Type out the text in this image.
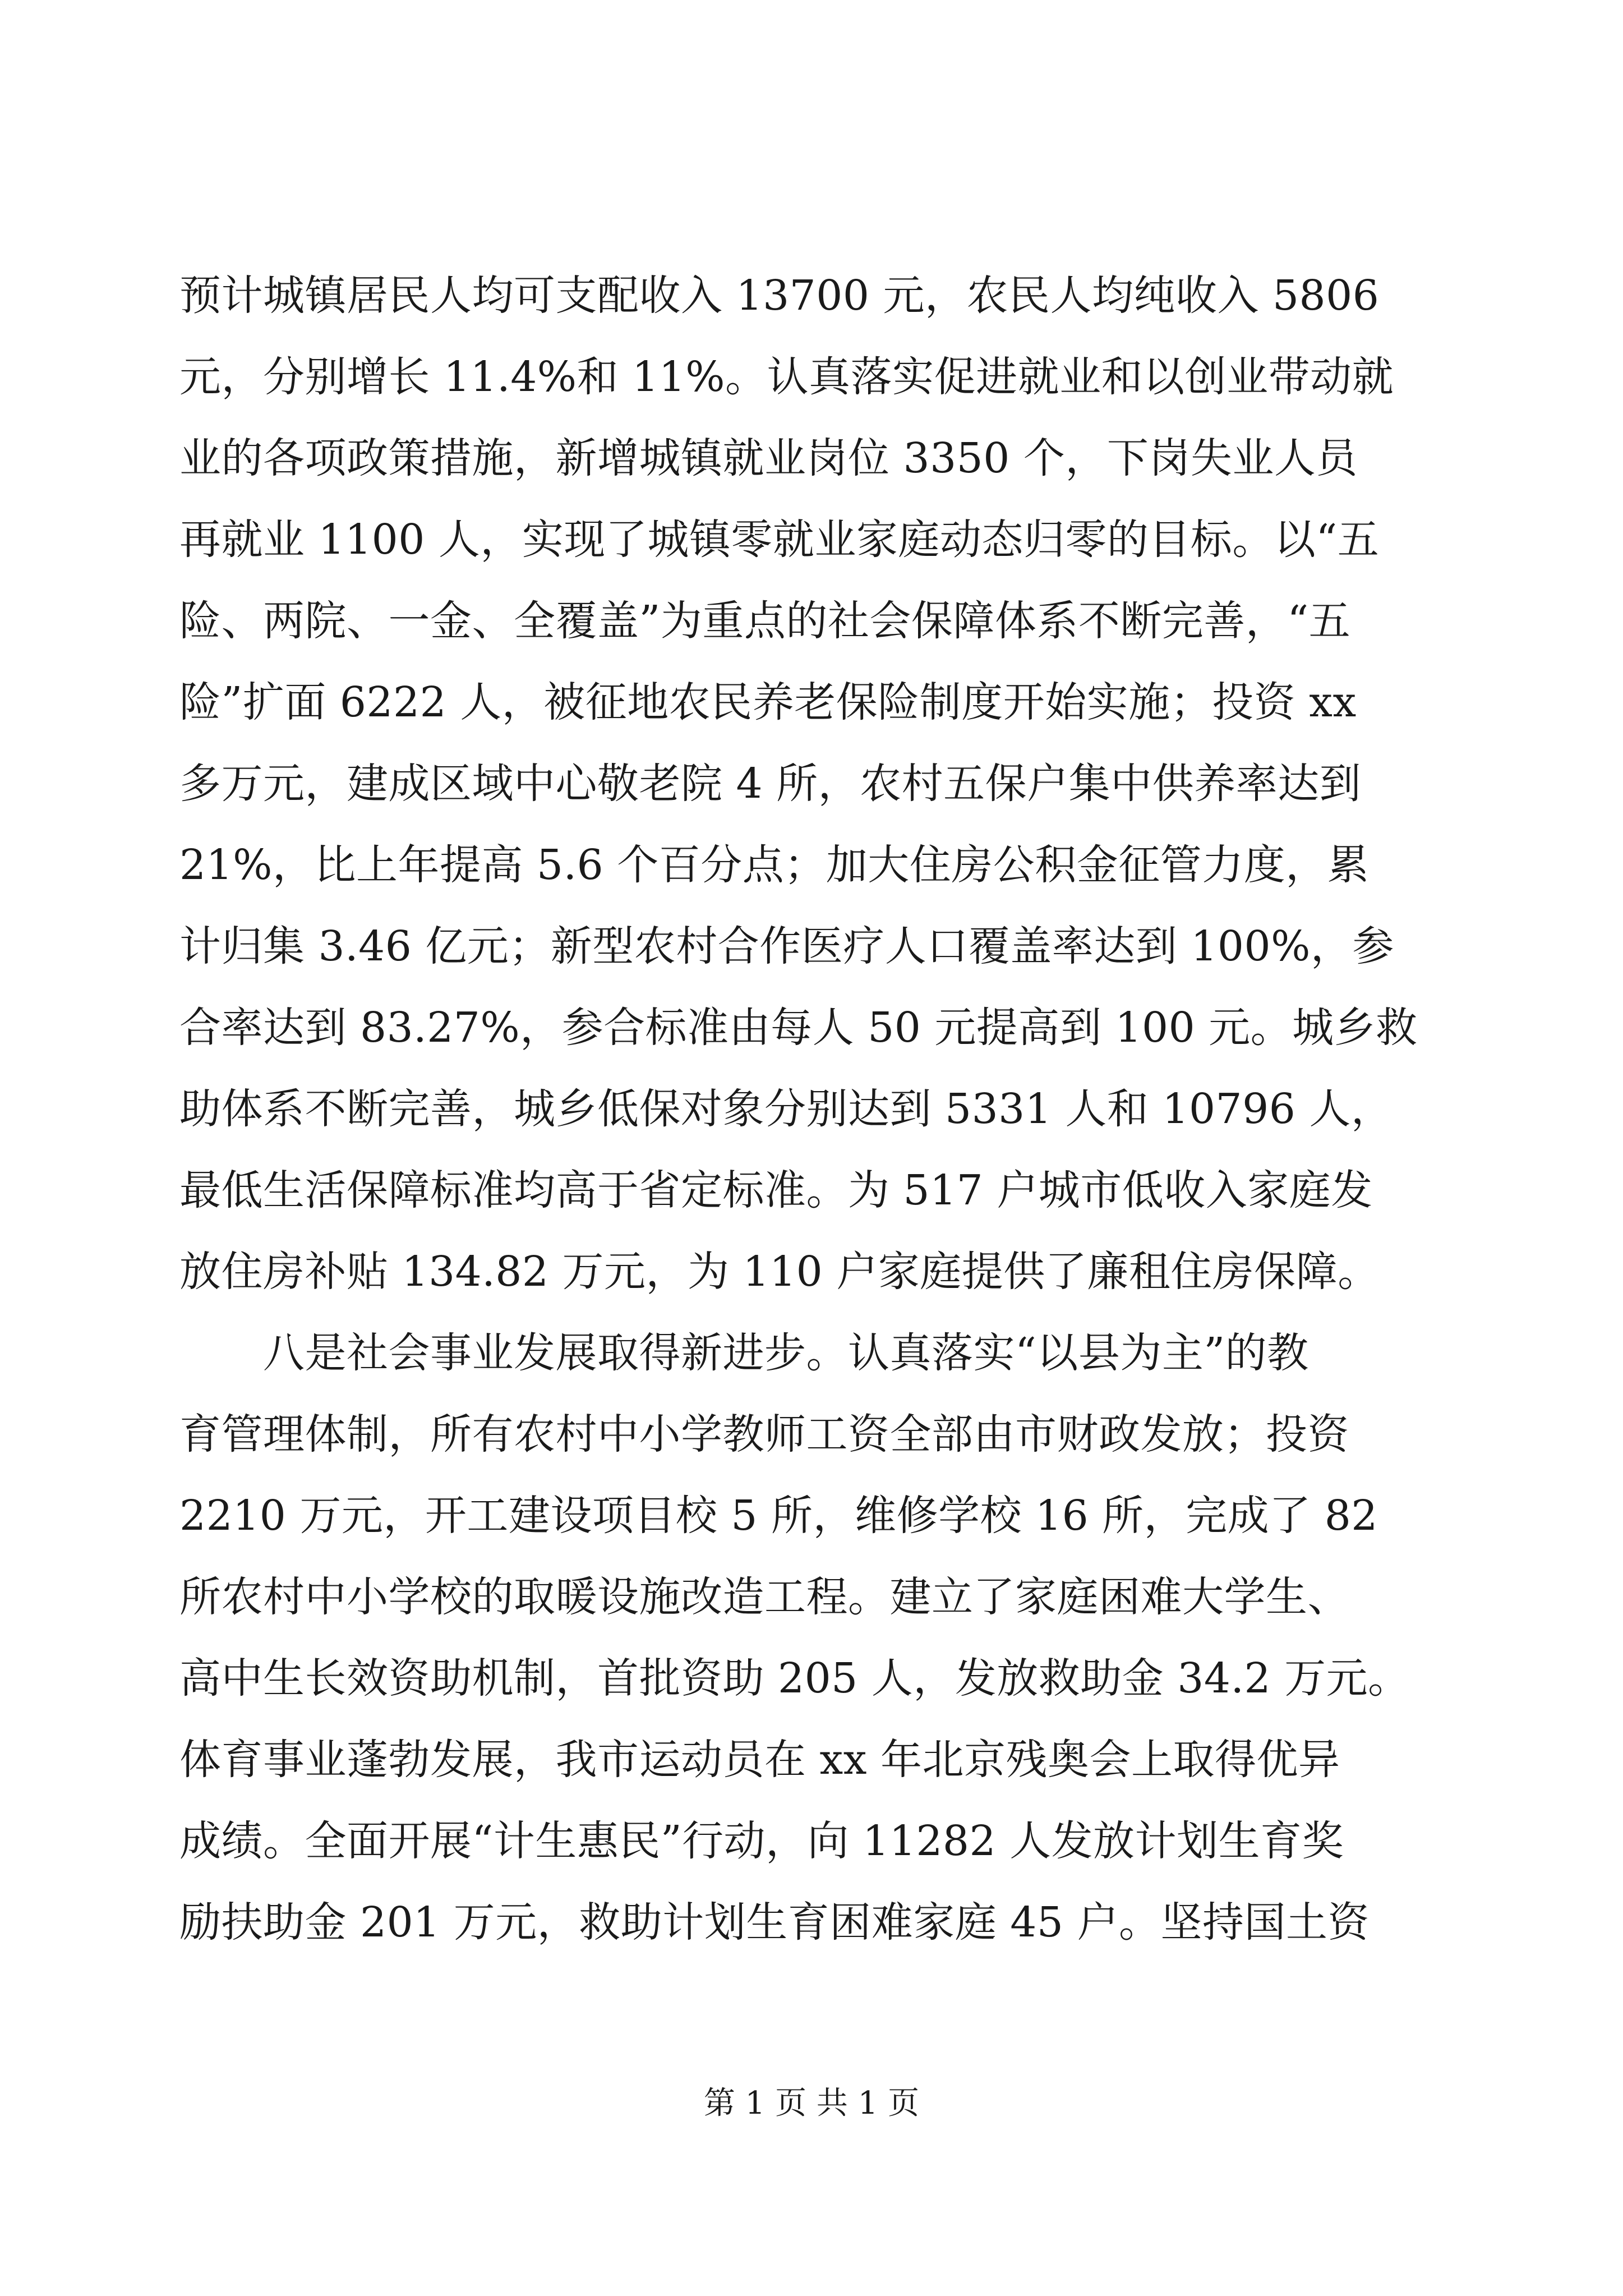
预计城镇居民人均可支配收入 13700 元，农民人均纯收入 5806
元，分别增长 11.4%和 11%。认真落实促进就业和以创业带动就
业的各项政策措施，新增城镇就业岗位 3350 个，下岗失业人员
再就业 1100 人，实现了城镇零就业家庭动态归零的目标。以“五
险、两院、一金、全覆盖”为重点的社会保障体系不断完善，“五
险”扩面 6222 人，被征地农民养老保险制度开始实施；投资 xx
多万元，建成区域中心敬老院 4 所，农村五保户集中供养率达到
21%，比上年提高 5.6 个百分点；加大住房公积金征管力度，累
计归集 3.46 亿元；新型农村合作医疗人口覆盖率达到 100%，参
合率达到 83.27%，参合标准由每人 50 元提高到 100 元。城乡救
助体系不断完善，城乡低保对象分别达到 5331 人和 10796 人，
最低生活保障标准均高于省定标准。为 517 户城市低收入家庭发
放住房补贴 134.82 万元，为 110 户家庭提供了廉租住房保障。
　　八是社会事业发展取得新进步。认真落实“以县为主”的教
育管理体制，所有农村中小学教师工资全部由市财政发放；投资
2210 万元，开工建设项目校 5 所，维修学校 16 所，完成了 82
所农村中小学校的取暖设施改造工程。建立了家庭困难大学生、
高中生长效资助机制，首批资助 205 人，发放救助金 34.2 万元。
体育事业蓬勃发展，我市运动员在 xx 年北京残奥会上取得优异
成绩。全面开展“计生惠民”行动，向 11282 人发放计划生育奖
励扶助金 201 万元，救助计划生育困难家庭 45 户。坚持国土资
第 1 页 共 1 页
